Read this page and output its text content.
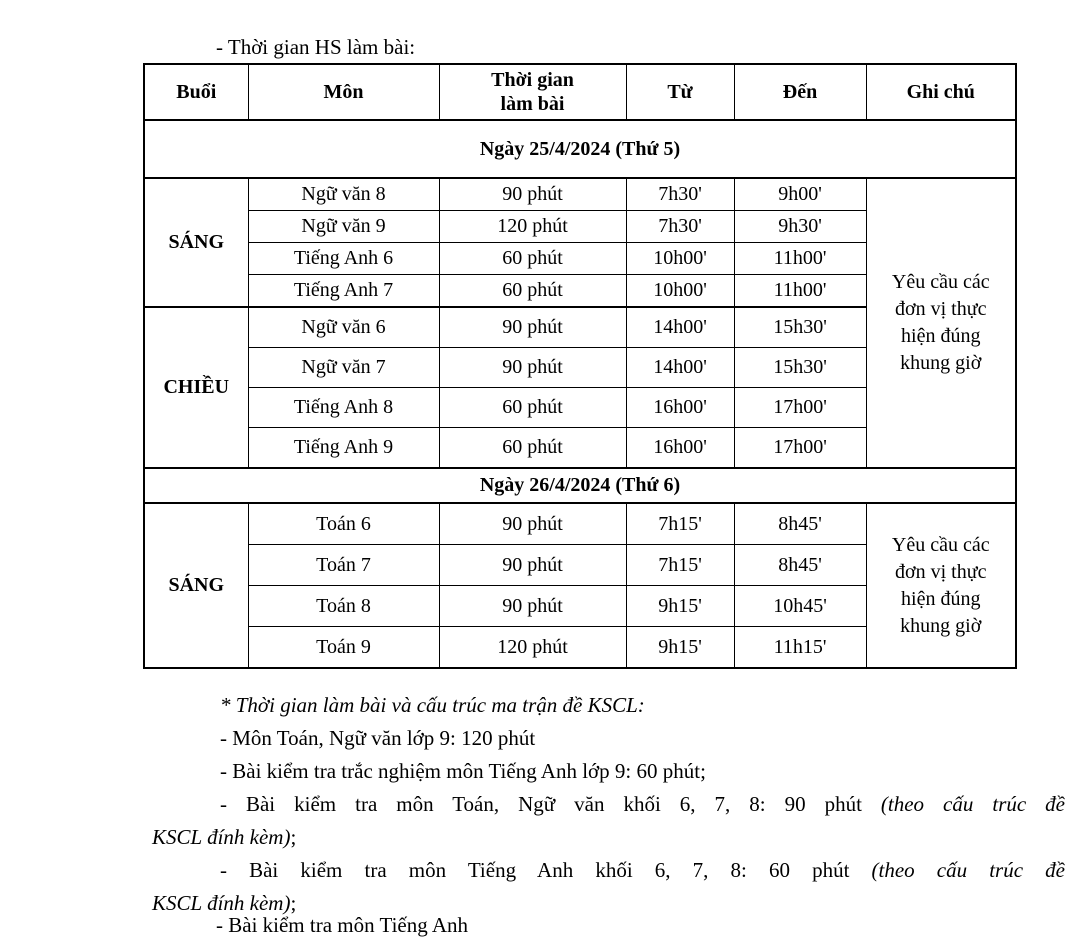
- Thời gian HS làm bài:
Buổi	Môn	Thời gian làm bài	Từ	Đến	Ghi chú
Ngày 25/4/2024 (Thứ 5)					
SÁNG	Ngữ văn 8	90 phút	7h30'	9h00'	Yêu cầu các đơn vị thực hiện đúng khung giờ

	Ngữ văn 9	120 phút	7h30'	9h30'	
	Tiếng Anh 6	60 phút	10h00'	11h00'	
	Tiếng Anh 7	60 phút	10h00'	11h00'	
CHIỀU	Ngữ văn 6	90 phút	14h00'	15h30'	
	Ngữ văn 7	90 phút	14h00'	15h30'	
	Tiếng Anh 8	60 phút	16h00'	17h00'	
	Tiếng Anh 9	60 phút	16h00'	17h00'	
Ngày 26/4/2024 (Thứ 6)					
SÁNG	Toán 6	90 phút	7h15'	8h45'	Yêu cầu các đơn vị thực hiện đúng khung giờ

	Toán 7	90 phút	7h15'	8h45'	
	Toán 8	90 phút	9h15'	10h45'	
	Toán 9	120 phút	9h15'	11h15'	
* Thời gian làm bài và cấu trúc ma trận đề KSCL:
- Môn Toán, Ngữ văn lớp 9: 120 phút
- Bài kiểm tra trắc nghiệm môn Tiếng Anh lớp 9: 60 phút;
- Bài kiểm tra môn Toán, Ngữ văn khối 6, 7, 8: 90 phút (theo cấu trúc đề
KSCL đính kèm);
- Bài kiểm tra môn Tiếng Anh khối 6, 7, 8: 60 phút (theo cấu trúc đề
KSCL đính kèm);
- Bài kiểm tra môn Tiếng Anh
